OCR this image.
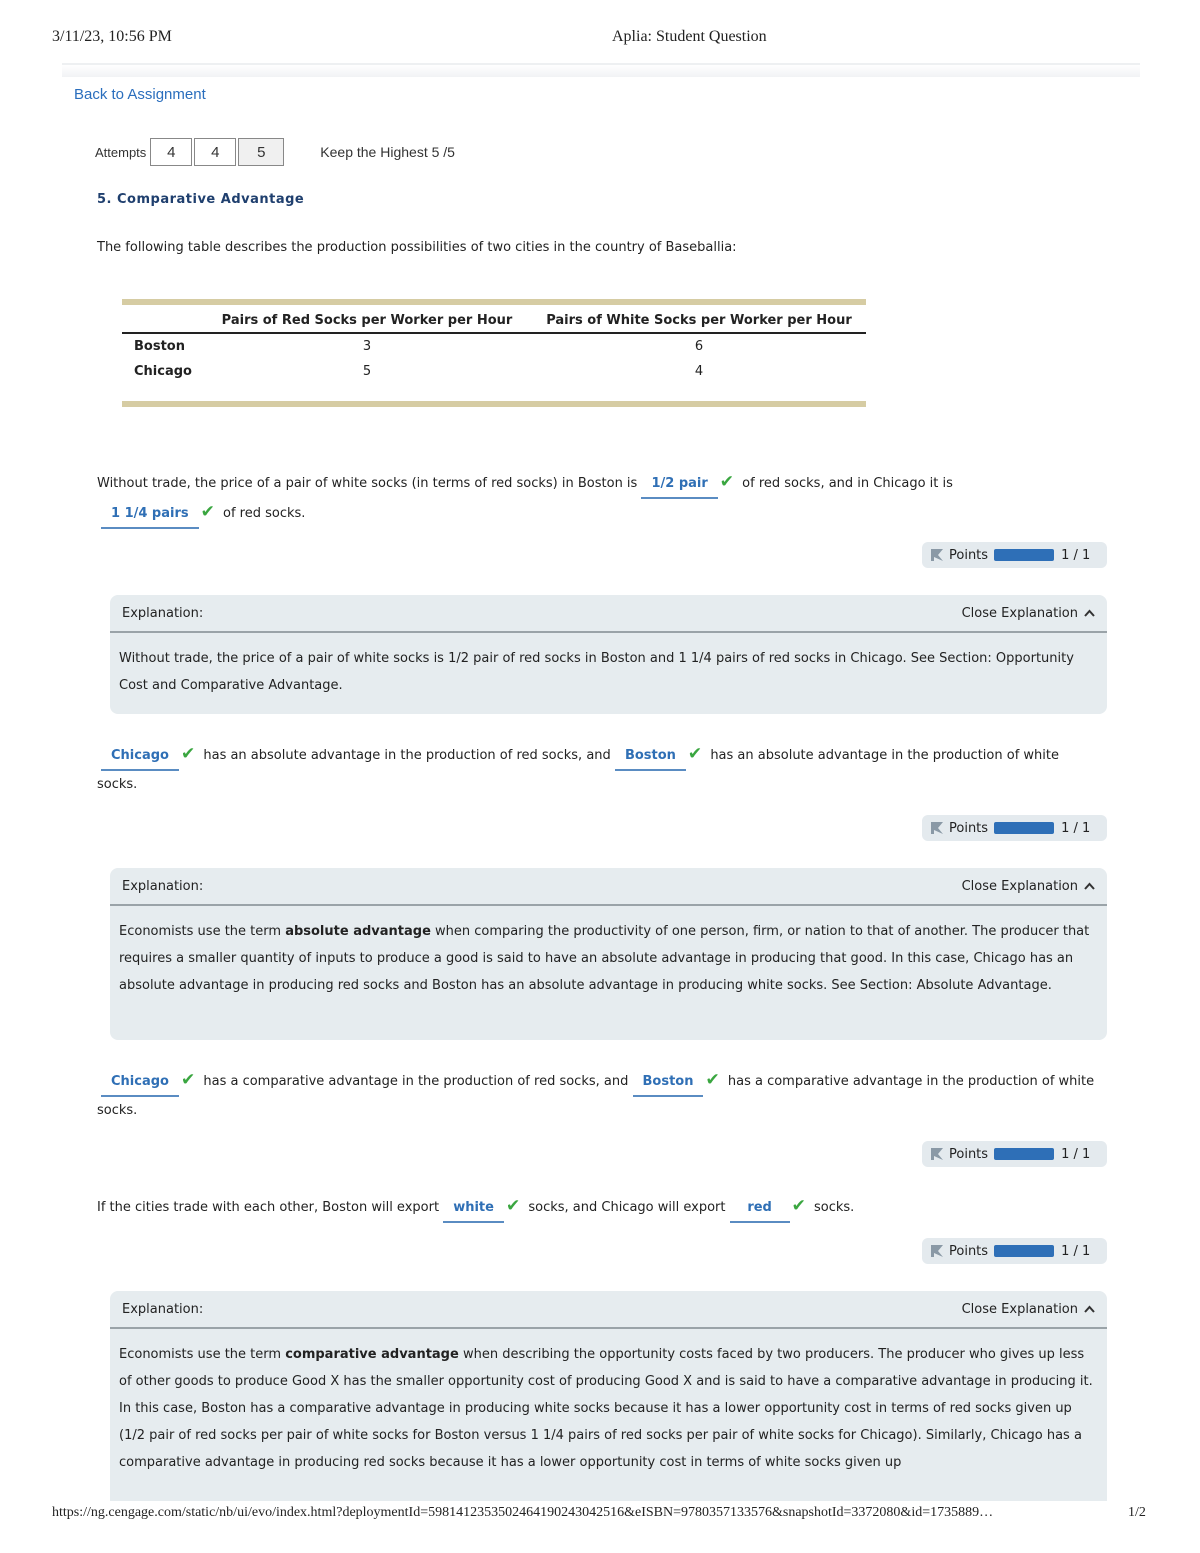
3/11/23, 10:56 PM	Aplia: Student Question
Back to Assignment
Attempts	4	4	5	Keep the Highest 5 /5
5. Comparative Advantage
The following table describes the production possibilities of two cities in the country of Baseballia:
	Pairs of Red Socks per Worker per Hour	Pairs of White Socks per Worker per Hour
Boston	3	6
Chicago	5	4
Without trade, the price of a pair of white socks (in terms of red socks) in Boston is 1/2 pair ✔ of red socks, and in Chicago it is
1 1/4 pairs ✔ of red socks.
Points	1 / 1
Explanation:	Close Explanation
Without trade, the price of a pair of white socks is 1/2 pair of red socks in Boston and 1 1/4 pairs of red socks in Chicago. See Section: Opportunity Cost and Comparative Advantage.
Chicago ✔ has an absolute advantage in the production of red socks, and Boston ✔ has an absolute advantage in the production of white
socks.
Points	1 / 1
Explanation:	Close Explanation
Economists use the term absolute advantage when comparing the productivity of one person, firm, or nation to that of another. The producer that requires a smaller quantity of inputs to produce a good is said to have an absolute advantage in producing that good. In this case, Chicago has an absolute advantage in producing red socks and Boston has an absolute advantage in producing white socks. See Section: Absolute Advantage.
Chicago ✔ has a comparative advantage in the production of red socks, and Boston ✔ has a comparative advantage in the production of white
socks.
Points	1 / 1
If the cities trade with each other, Boston will export white ✔ socks, and Chicago will export red ✔ socks.
Points	1 / 1
Explanation:	Close Explanation
Economists use the term comparative advantage when describing the opportunity costs faced by two producers. The producer who gives up less of other goods to produce Good X has the smaller opportunity cost of producing Good X and is said to have a comparative advantage in producing it. In this case, Boston has a comparative advantage in producing white socks because it has a lower opportunity cost in terms of red socks given up (1/2 pair of red socks per pair of white socks for Boston versus 1 1/4 pairs of red socks per pair of white socks for Chicago). Similarly, Chicago has a comparative advantage in producing red socks because it has a lower opportunity cost in terms of white socks given up
https://ng.cengage.com/static/nb/ui/evo/index.html?deploymentId=5981412353502464190243042516&eISBN=9780357133576&snapshotId=3372080&id=1735889…	1/2
